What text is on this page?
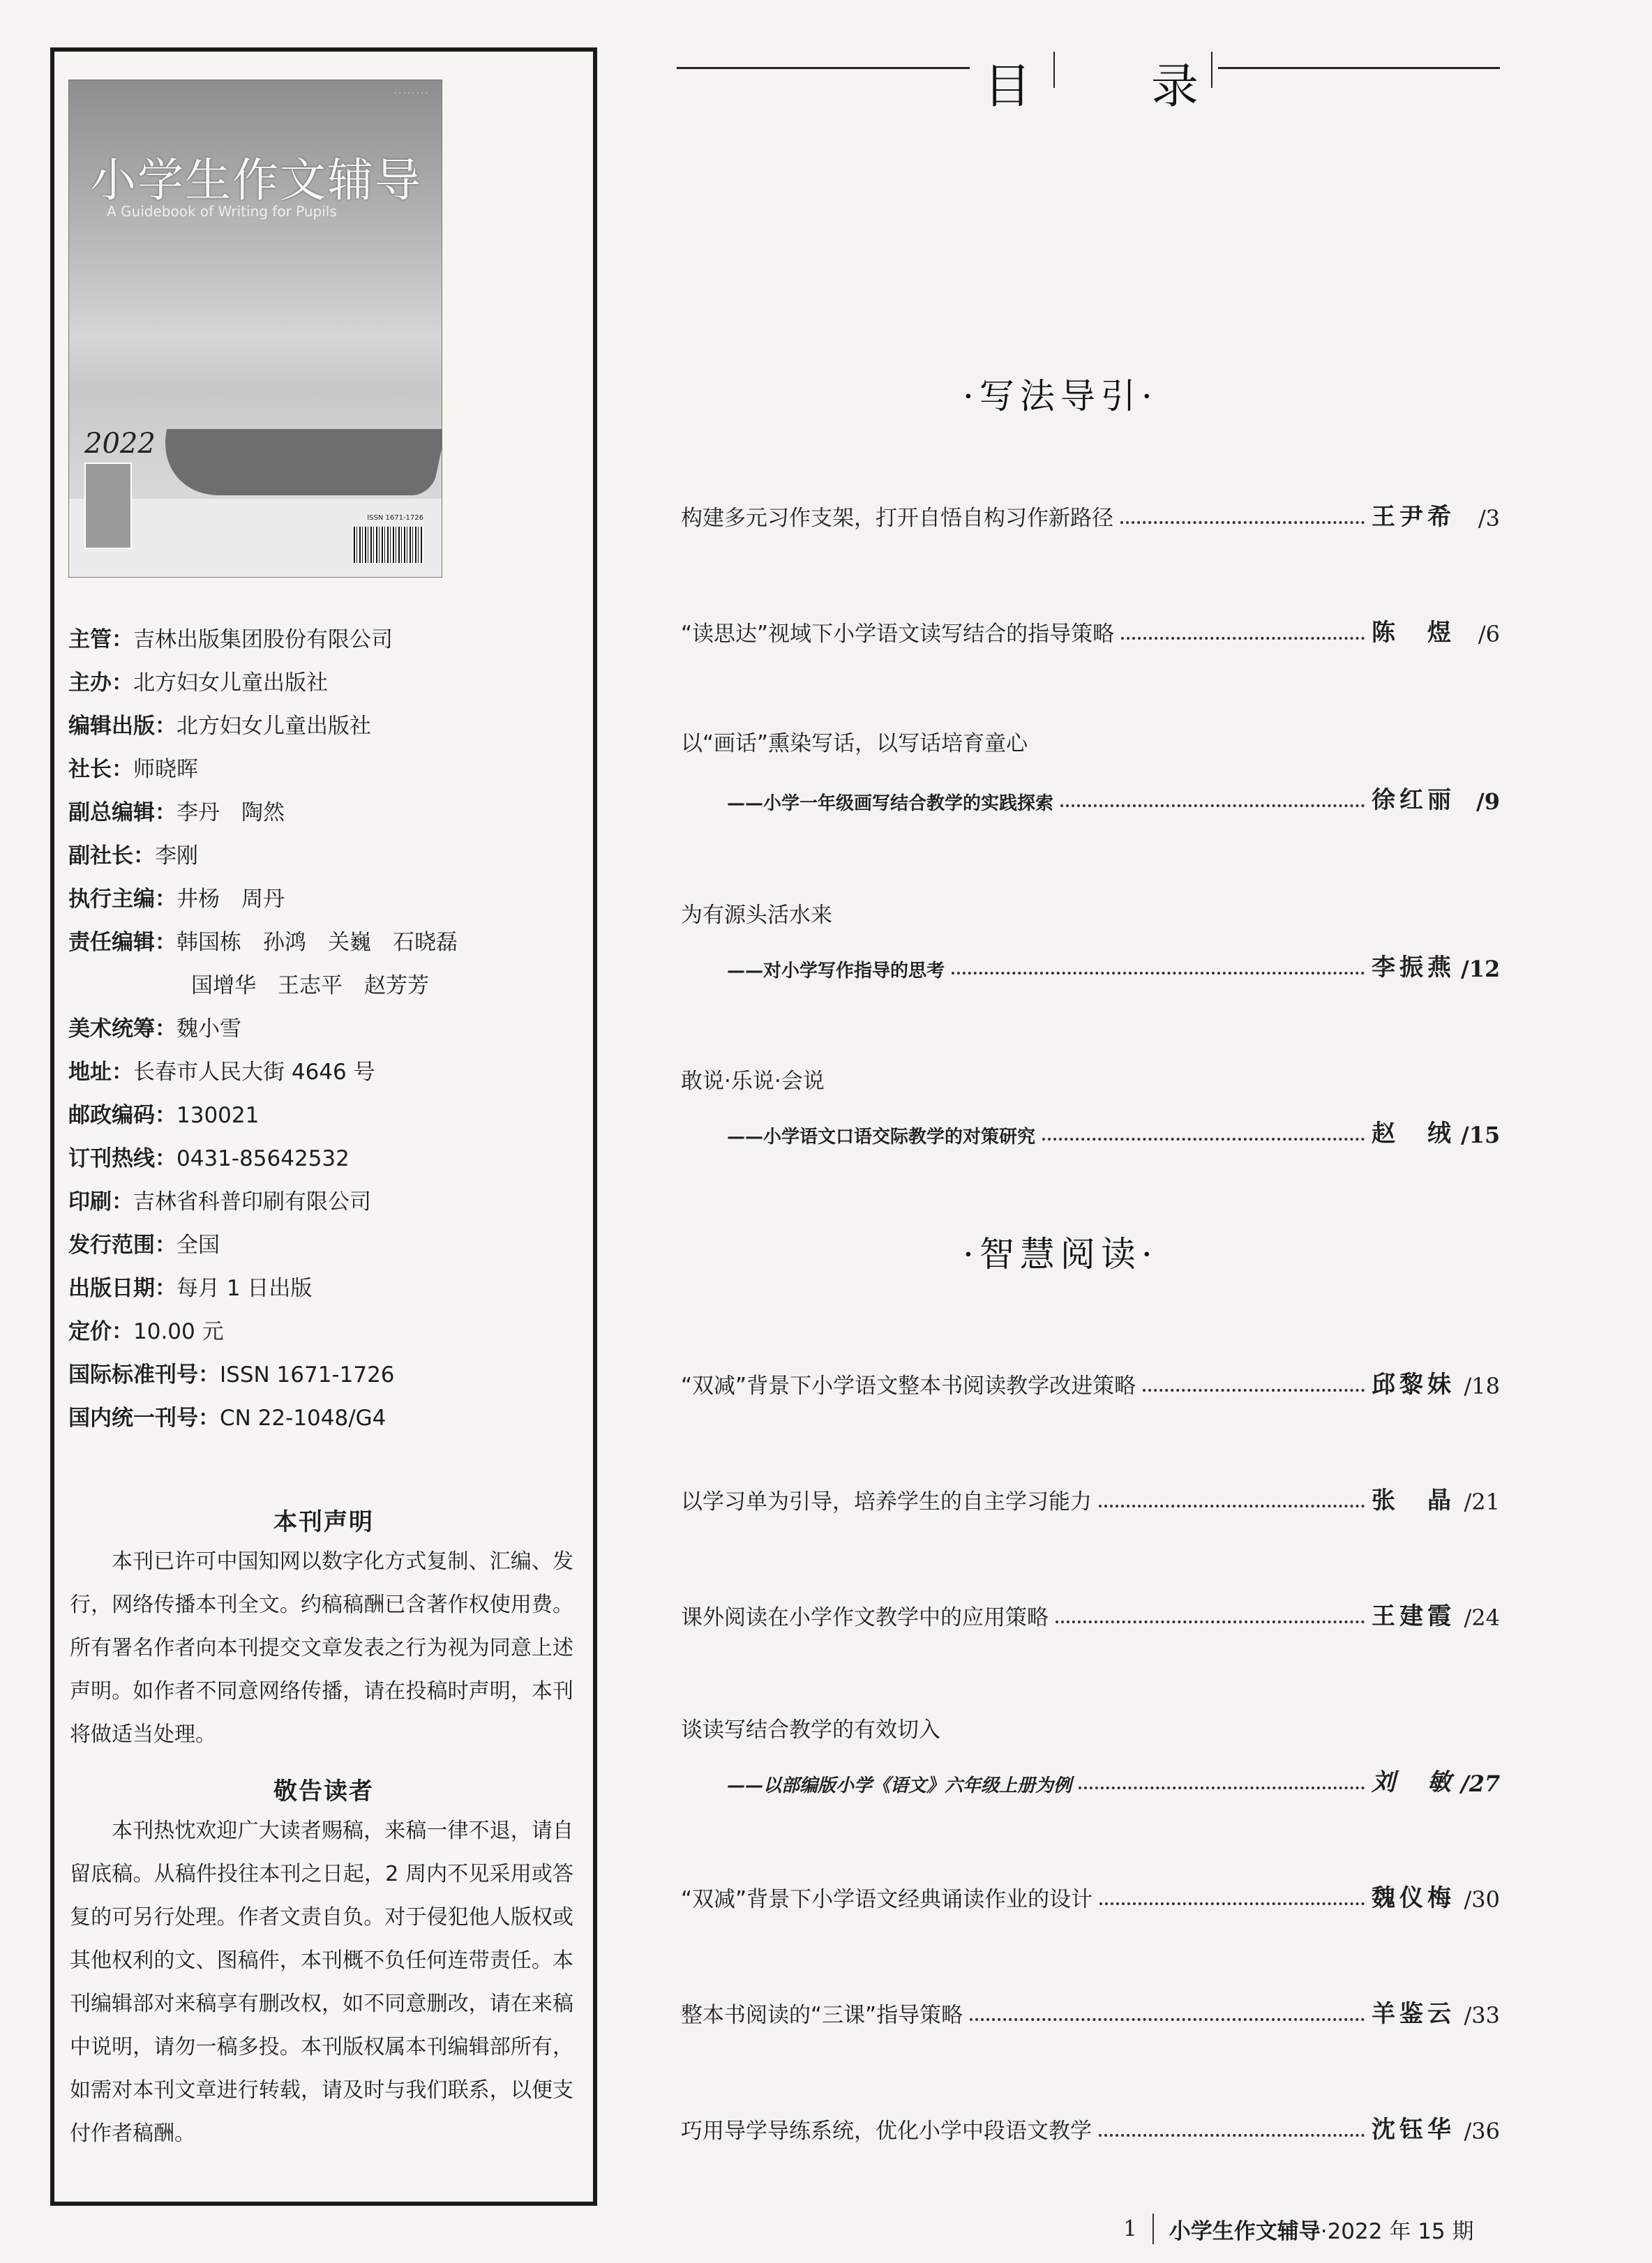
· · · · · · · ·
小学生作文辅导
A Guidebook of Writing for Pupils
2022
ISSN 1671-1726
主管：吉林出版集团股份有限公司
主办：北方妇女儿童出版社
编辑出版：北方妇女儿童出版社
社长：师晓晖
副总编辑：李丹　陶然
副社长：李刚
执行主编：井杨　周丹
责任编辑：韩国栋　孙鸿　关巍　石晓磊
国增华　王志平　赵芳芳
美术统筹：魏小雪
地址：长春市人民大街 4646 号
邮政编码：130021
订刊热线：0431-85642532
印刷：吉林省科普印刷有限公司
发行范围：全国
出版日期：每月 1 日出版
定价：10.00 元
国际标准刊号：ISSN 1671-1726
国内统一刊号：CN 22-1048/G4
本刊声明
本刊已许可中国知网以数字化方式复制、汇编、发行，网络传播本刊全文。约稿稿酬已含著作权使用费。所有署名作者向本刊提交文章发表之行为视为同意上述声明。如作者不同意网络传播，请在投稿时声明，本刊将做适当处理。
敬告读者
本刊热忱欢迎广大读者赐稿，来稿一律不退，请自留底稿。从稿件投往本刊之日起，2 周内不见采用或答复的可另行处理。作者文责自负。对于侵犯他人版权或其他权利的文、图稿件，本刊概不负任何连带责任。本刊编辑部对来稿享有删改权，如不同意删改，请在来稿中说明，请勿一稿多投。本刊版权属本刊编辑部所有，如需对本刊文章进行转载，请及时与我们联系，以便支付作者稿酬。
目	录
·写法导引·
构建多元习作支架，打开自悟自构习作新路径	王尹希	/3
“读思达”视域下小学语文读写结合的指导策略	陈　煜	/6
以“画话”熏染写话，以写话培育童心
——小学一年级画写结合教学的实践探索	徐红丽 /9
为有源头活水来
——对小学写作指导的思考	李振燕 /12
敢说·乐说·会说
——小学语文口语交际教学的对策研究	赵　绒 /15
·智慧阅读·
“双减”背景下小学语文整本书阅读教学改进策略	邱黎妹 /18
以学习单为引导，培养学生的自主学习能力	张　晶 /21
课外阅读在小学作文教学中的应用策略	王建霞 /24
谈读写结合教学的有效切入
——以部编版小学《语文》六年级上册为例	刘　敏 /27
“双减”背景下小学语文经典诵读作业的设计	魏仪梅 /30
整本书阅读的“三课”指导策略	羊鉴云 /33
巧用导学导练系统，优化小学中段语文教学	沈钰华 /36
1 小学生作文辅导 ·2022 年 15 期
